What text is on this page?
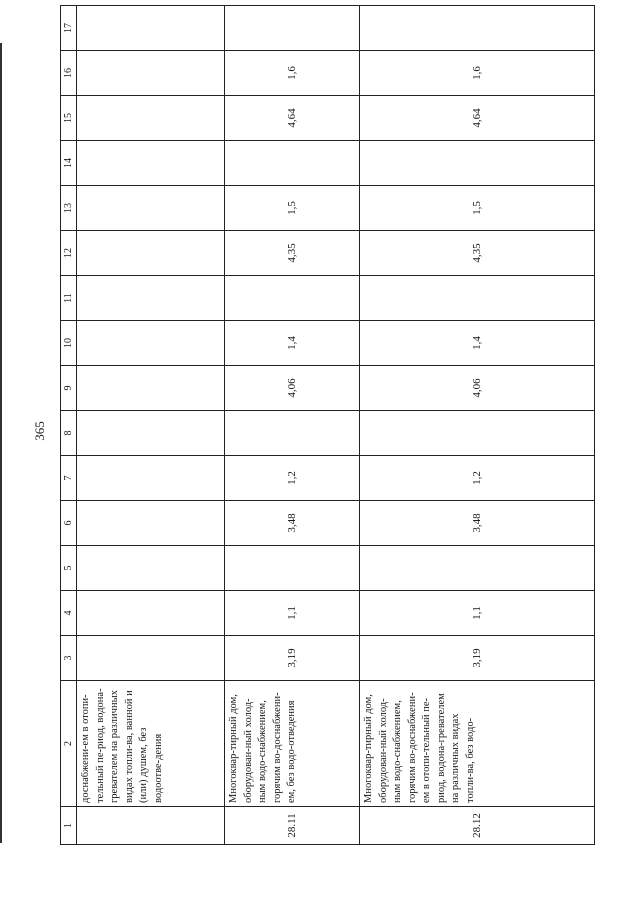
365
1	2	3	4	5	6	7	8	9	10	11	12	13	14	15	16	17
	досна6жени-ем в отопи-тельный пе-риод, водона-гревателем на различных видах топли-ва, ванной и (или) душем, без водоотве-дения															
28.11	Многоквар-тирный дом, оборудован-ный холод-ным водо-снабжением, горячим во-доснабжени-ем, без водо-отведения	3,19	1,1		3,48	1,2		4,06	1,4		4,35	1,5		4,64	1,6	
28.12	Многоквар-тирный дом, оборудован-ный холод-ным водо-снабжением, горячим во-доснабжени-ем в отопи-тельный пе-риод, водона-гревателем на различных видах топли-ва, без водо-	3,19	1,1		3,48	1,2		4,06	1,4		4,35	1,5		4,64	1,6	
